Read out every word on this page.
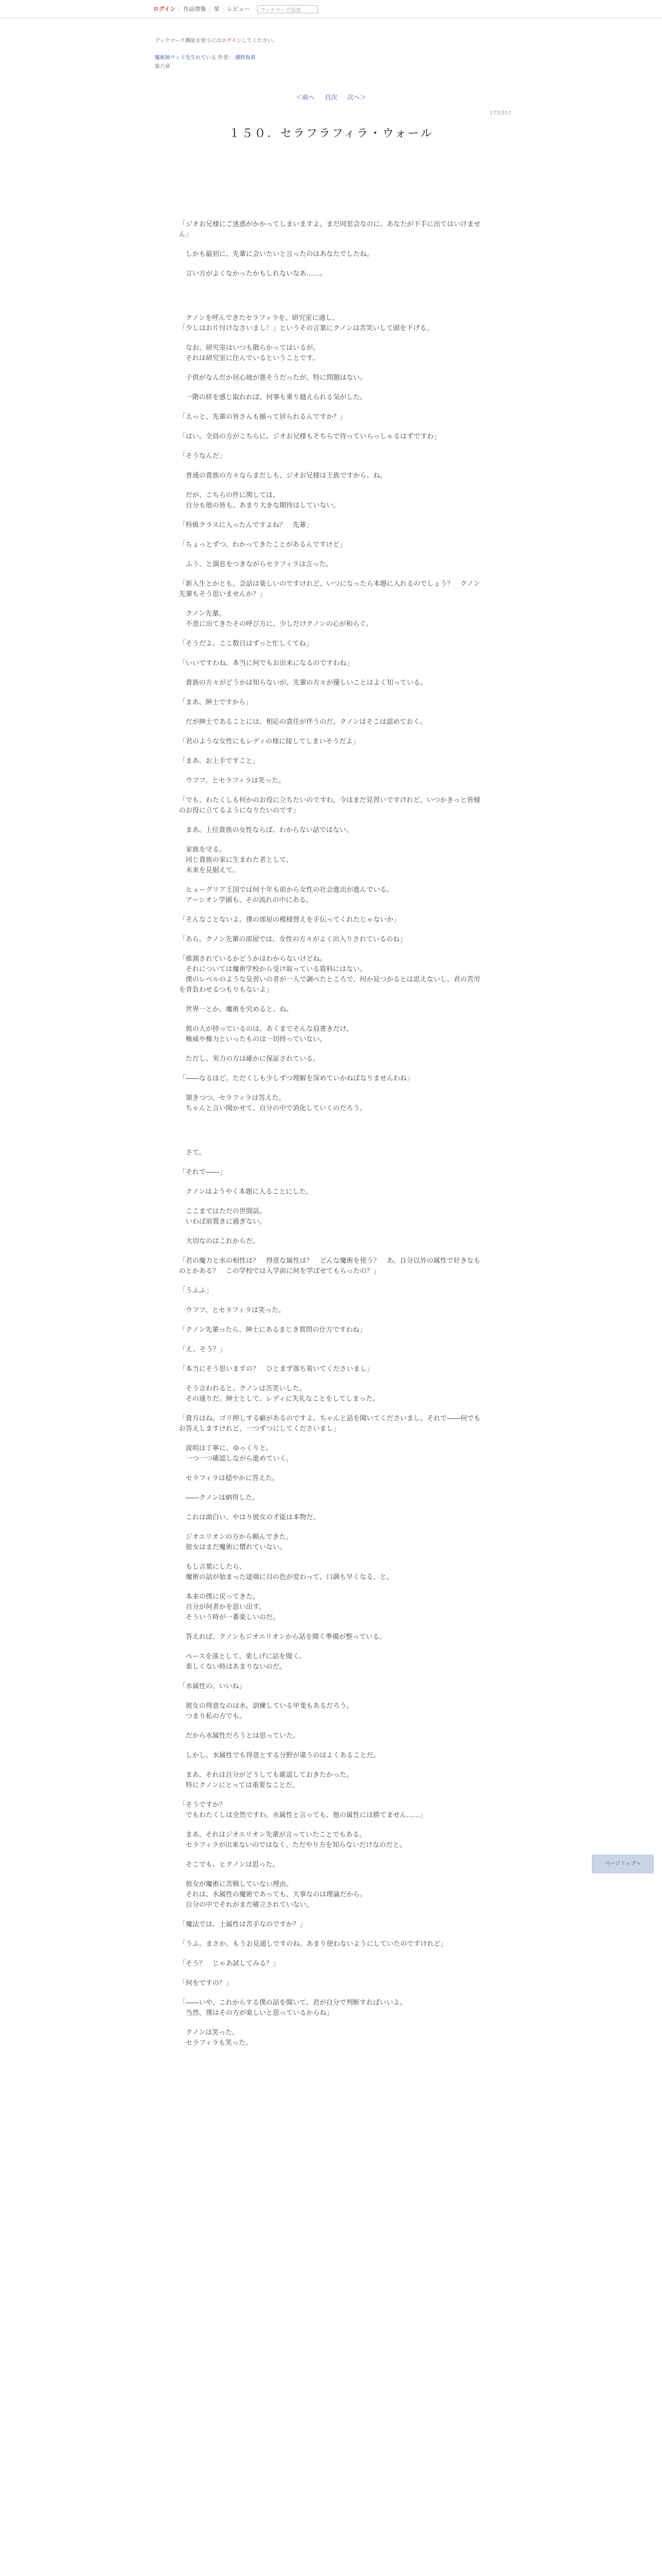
ログイン	作品情報	栞	レビュー	ブックマーク追加
ブックマーク機能を使うにはログインしてください。
魔術師ウィリ先生れている 作者： 潮野海黄
第六章
＜前へ 目次 次へ＞
172/317
１５０．セラフラフィラ・ウォール

「ジオお兄様にご迷惑がかかってしまいますよ。まだ同窓会なのに、あなたが下手に出てはいけません」

　しかも最初に、先輩に会いたいと言ったのはあなたでしたね。

　言い方がよくなかったかもしれないなあ……。

　クノンを呼んできたセラフィラを、研究室に通し、
「少しはお片付けなさいまし！」というその言葉にクノンは苦笑いして頭を下げる。

　なお、研究室はいつも散らかってはいるが。
　それは研究室に住んでいるということです。

　子供がなんだか居心地が悪そうだったが、特に問題はない。

　一階の絆を感じ取れれば、何事も乗り越えられる気がした。

「えっと、先輩の皆さんも揃って居られるんですか？」

「はい。全員の方がこちらに。ジオお兄様もそちらで待っていらっしゃるはずですわ」

「そうなんだ」

　普通の貴族の方々ならまだしも、ジオお兄様は王族ですから、ね。

　だが、こちらの件に関しては、
　自分も他の皆も、あまり大きな期待はしていない。

「特級クラスに入ったんですよね？　先輩」

「ちょっとずつ、わかってきたことがあるんですけど」

　ふう、と溜息をつきながらセラフィラは言った。

「新入生とかとも、会話は楽しいのですけれど、いつになったら本題に入れるのでしょう？　クノン先輩もそう思いませんか？」

　クノン先輩。
　不意に出てきたその呼び方に、少しだけクノンの心が和らぐ。

「そうだよ。ここ数日はずっと忙しくてね」

「いいですわね。本当に何でもお出来になるのですわね」

　貴族の方々がどうかは知らないが、先輩の方々が優しいことはよく知っている。

「まあ、紳士ですから」

　だが紳士であることには、相応の責任が伴うのだ。クノンはそこは認めておく。

「君のような女性にもレディの様に接してしまいそうだよ」

「まあ、お上手ですこと」

　ウフフ、とセラフィラは笑った。

「でも、わたくしも何かのお役に立ちたいのですわ。今はまだ見習いですけれど、いつかきっと皆様のお役に立てるようになりたいのです」

　まあ、上位貴族の女性ならば、わからない話ではない。

　家族を守る。
　同じ貴族の家に生まれた者として、
　未来を見据えて。

　ヒューグリア王国では何十年も前から女性の社会進出が進んでいる。
　アーシオン学園も、その流れの中にある。

「そんなことないよ。僕の部屋の模様替えを手伝ってくれたじゃないか」

「あら。クノン先輩の部屋では、女性の方々がよく出入りされているのね」

「推測されているかどうかはわからないけどね。
　それについては魔術学校から受け取っている資料にはない。
　僕のレベルのような見習いの者が一人で調べたところで、何か見つかるとは思えないし、君の苦労を背負わせるつもりもないよ」

　世界一とか、魔術を究めると、ね。

　彼の人が持っているのは、あくまでそんな肩書きだけ。
　権威や権力といったものは一切持っていない。

　ただし、実力の方は確かに保証されている。

「――なるほど。ただくしも少しずつ理解を深めていかねばなりませんわね」

　頷きつつ、セラフィラは答えた。
　ちゃんと言い聞かせて、自分の中で消化していくのだろう。

　さて。

「それで――」

　クノンはようやく本題に入ることにした。

　ここまではただの世間話。
　いわば前置きに過ぎない。

　大切なのはこれからだ。

「君の魔力と水の相性は？　得意な属性は？　どんな魔術を使う？　あ、自分以外の属性で好きなものとかある？　この学校では入学前に何を学ばせてもらったの？」

「うふふ」

　ウフフ、とセラフィラは笑った。

「クノン先輩ったら、紳士にあるまじき質問の仕方ですわね」

「え、そう？」

「本当にそう思いますの？　ひとまず落ち着いてくださいまし」

　そう言われると、クノンは苦笑いした。
　その通りだ。紳士として、レディに失礼なことをしてしまった。

「貴方はね。ゴリ押しする癖があるのですよ。ちゃんと話を聞いてくださいまし。それで――何でもお答えしますけれど、一つずつにしてくださいまし」

　説明は丁寧に、ゆっくりと。
　一つ一つ確認しながら進めていく。

　セラフィラは穏やかに答えた。

　――クノンは納得した。

　これは面白い。やはり彼女の才能は本物だ。

　ジオエリオンの方から頼んできた。
　彼女はまだ魔術に慣れていない。

　もし言葉にしたら、
　魔術の話が始まった途端に目の色が変わって、口調も早くなる、と。

　本来の僕に戻ってきた。
　自分が何者かを思い出す。
　そういう時が一番楽しいのだ。

　答えれば、クノンもジオエリオンから話を聞く準備が整っている。

　ペースを落として、楽しげに話を聞く。
　楽しくない時はあまりないのだ。

「水属性の、いいね」

　彼女の得意なのは水。訓練している甲斐もあるだろう。
　つまり私の方でも。

　だから水属性だろうとは思っていた。

　しかし、水属性でも得意とする分野が違うのはよくあることだ。

　まあ、それは自分がどうしても確認しておきたかった。
　特にクノンにとっては重要なことだ。

「そうですか？
　でもわたくしは全然ですわ。水属性と言っても、他の属性には勝てません……」

　まあ、それはジオエリオン先輩が言っていたことでもある。
　セラフィラが出来ないのではなく、ただやり方を知らないだけなのだと。

　そこでも、ヒクノンは思った。

　彼女が魔術に苦戦していない理由。
　それは、水属性の魔術であっても、大事なのは理論だから。
　自分の中でそれがまだ確立されていない。

「魔法では、土属性は苦手なのですか？」

「うふ。まさか、もうお見通しですのね。あまり使わないようにしていたのですけれど」

「そう？　じゃあ試してみる？」

「何をですの？」

「――いや、これからする僕の話を聞いて、君が自分で判断すればいいよ。
　当然、僕はその方が楽しいと思っているからね」

　クノンは笑った。
　セラフィラも笑った。

ページトップへ
